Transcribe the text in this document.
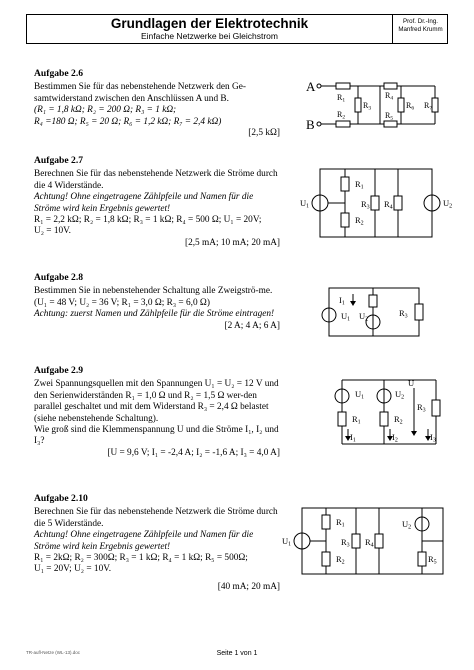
Grundlagen der Elektrotechnik
Einfache Netzwerke bei Gleichstrom
Prof. Dr.-Ing.
Manfred Krumm
Aufgabe 2.6
Bestimmen Sie für das nebenstehende Netzwerk den Ge-samtwiderstand zwischen den Anschlüssen A und B.
(R₁ = 1,8 kΩ; R₂ = 200 Ω; R₃ = 1 kΩ;
R₄ =180 Ω; R₅ = 20 Ω; R₆ = 1,2 kΩ; R₇ = 2,4 kΩ)
[2,5 kΩ]
Aufgabe 2.7
Berechnen Sie für das nebenstehende Netzwerk die Ströme durch die 4 Widerstände.
Achtung! Ohne eingetragene Zählpfeile und Namen für die Ströme wird kein Ergebnis gewertet!
R₁ = 2,2 kΩ; R₂ = 1,8 kΩ; R₃ = 1 kΩ; R₄ = 500 Ω; U₁ = 20V;
U₂ = 10V.
[2,5 mA; 10 mA; 20 mA]
Aufgabe 2.8
Bestimmen Sie in nebenstehender Schaltung alle Zweigströ-me.
(U₁ = 48 V; U₂ = 36 V; R₁ = 3,0 Ω; R₃ = 6,0 Ω)
Achtung: zuerst Namen und Zählpfeile für die Ströme eintragen!
[2 A; 4 A; 6 A]
Aufgabe 2.9
Zwei Spannungsquellen mit den Spannungen U₁ = U₂ = 12 V und den Serienwiderständen R₁ = 1,0 Ω und R₂ = 1,5 Ω wer-den parallel geschaltet und mit dem Widerstand R₃ = 2,4 Ω belastet (siehe nebenstehende Schaltung).
Wie groß sind die Klemmenspannung U und die Ströme I₁, I₂ und I₃?
[U = 9,6 V; I₁ = -2,4 A; I₂ = -1,6 A; I₃ = 4,0 A]
Aufgabe 2.10
Berechnen Sie für das nebenstehende Netzwerk die Ströme durch die 5 Widerstände.
Achtung! Ohne eingetragene Zählpfeile und Namen für die Ströme wird kein Ergebnis gewertet!
R₁ = 2kΩ; R₂ = 300Ω; R₃ = 1 kΩ; R₄ = 1 kΩ; R₅ = 500Ω;
U₁ = 20V; U₂ = 10V.
[40 mA; 20 mA]
A
B
R1
R2
R3
R4
R5
R6 R7
R1
R2
R3 R4
U1	U2
I1
U1 U2
R3
U1	U2
R1	R2
R3
U
I1	I2	I3
R1
R2
R3 R4
R5
U1
U2
TR-aufl-Netze (WL-13).doc	Seite 1 von 1
